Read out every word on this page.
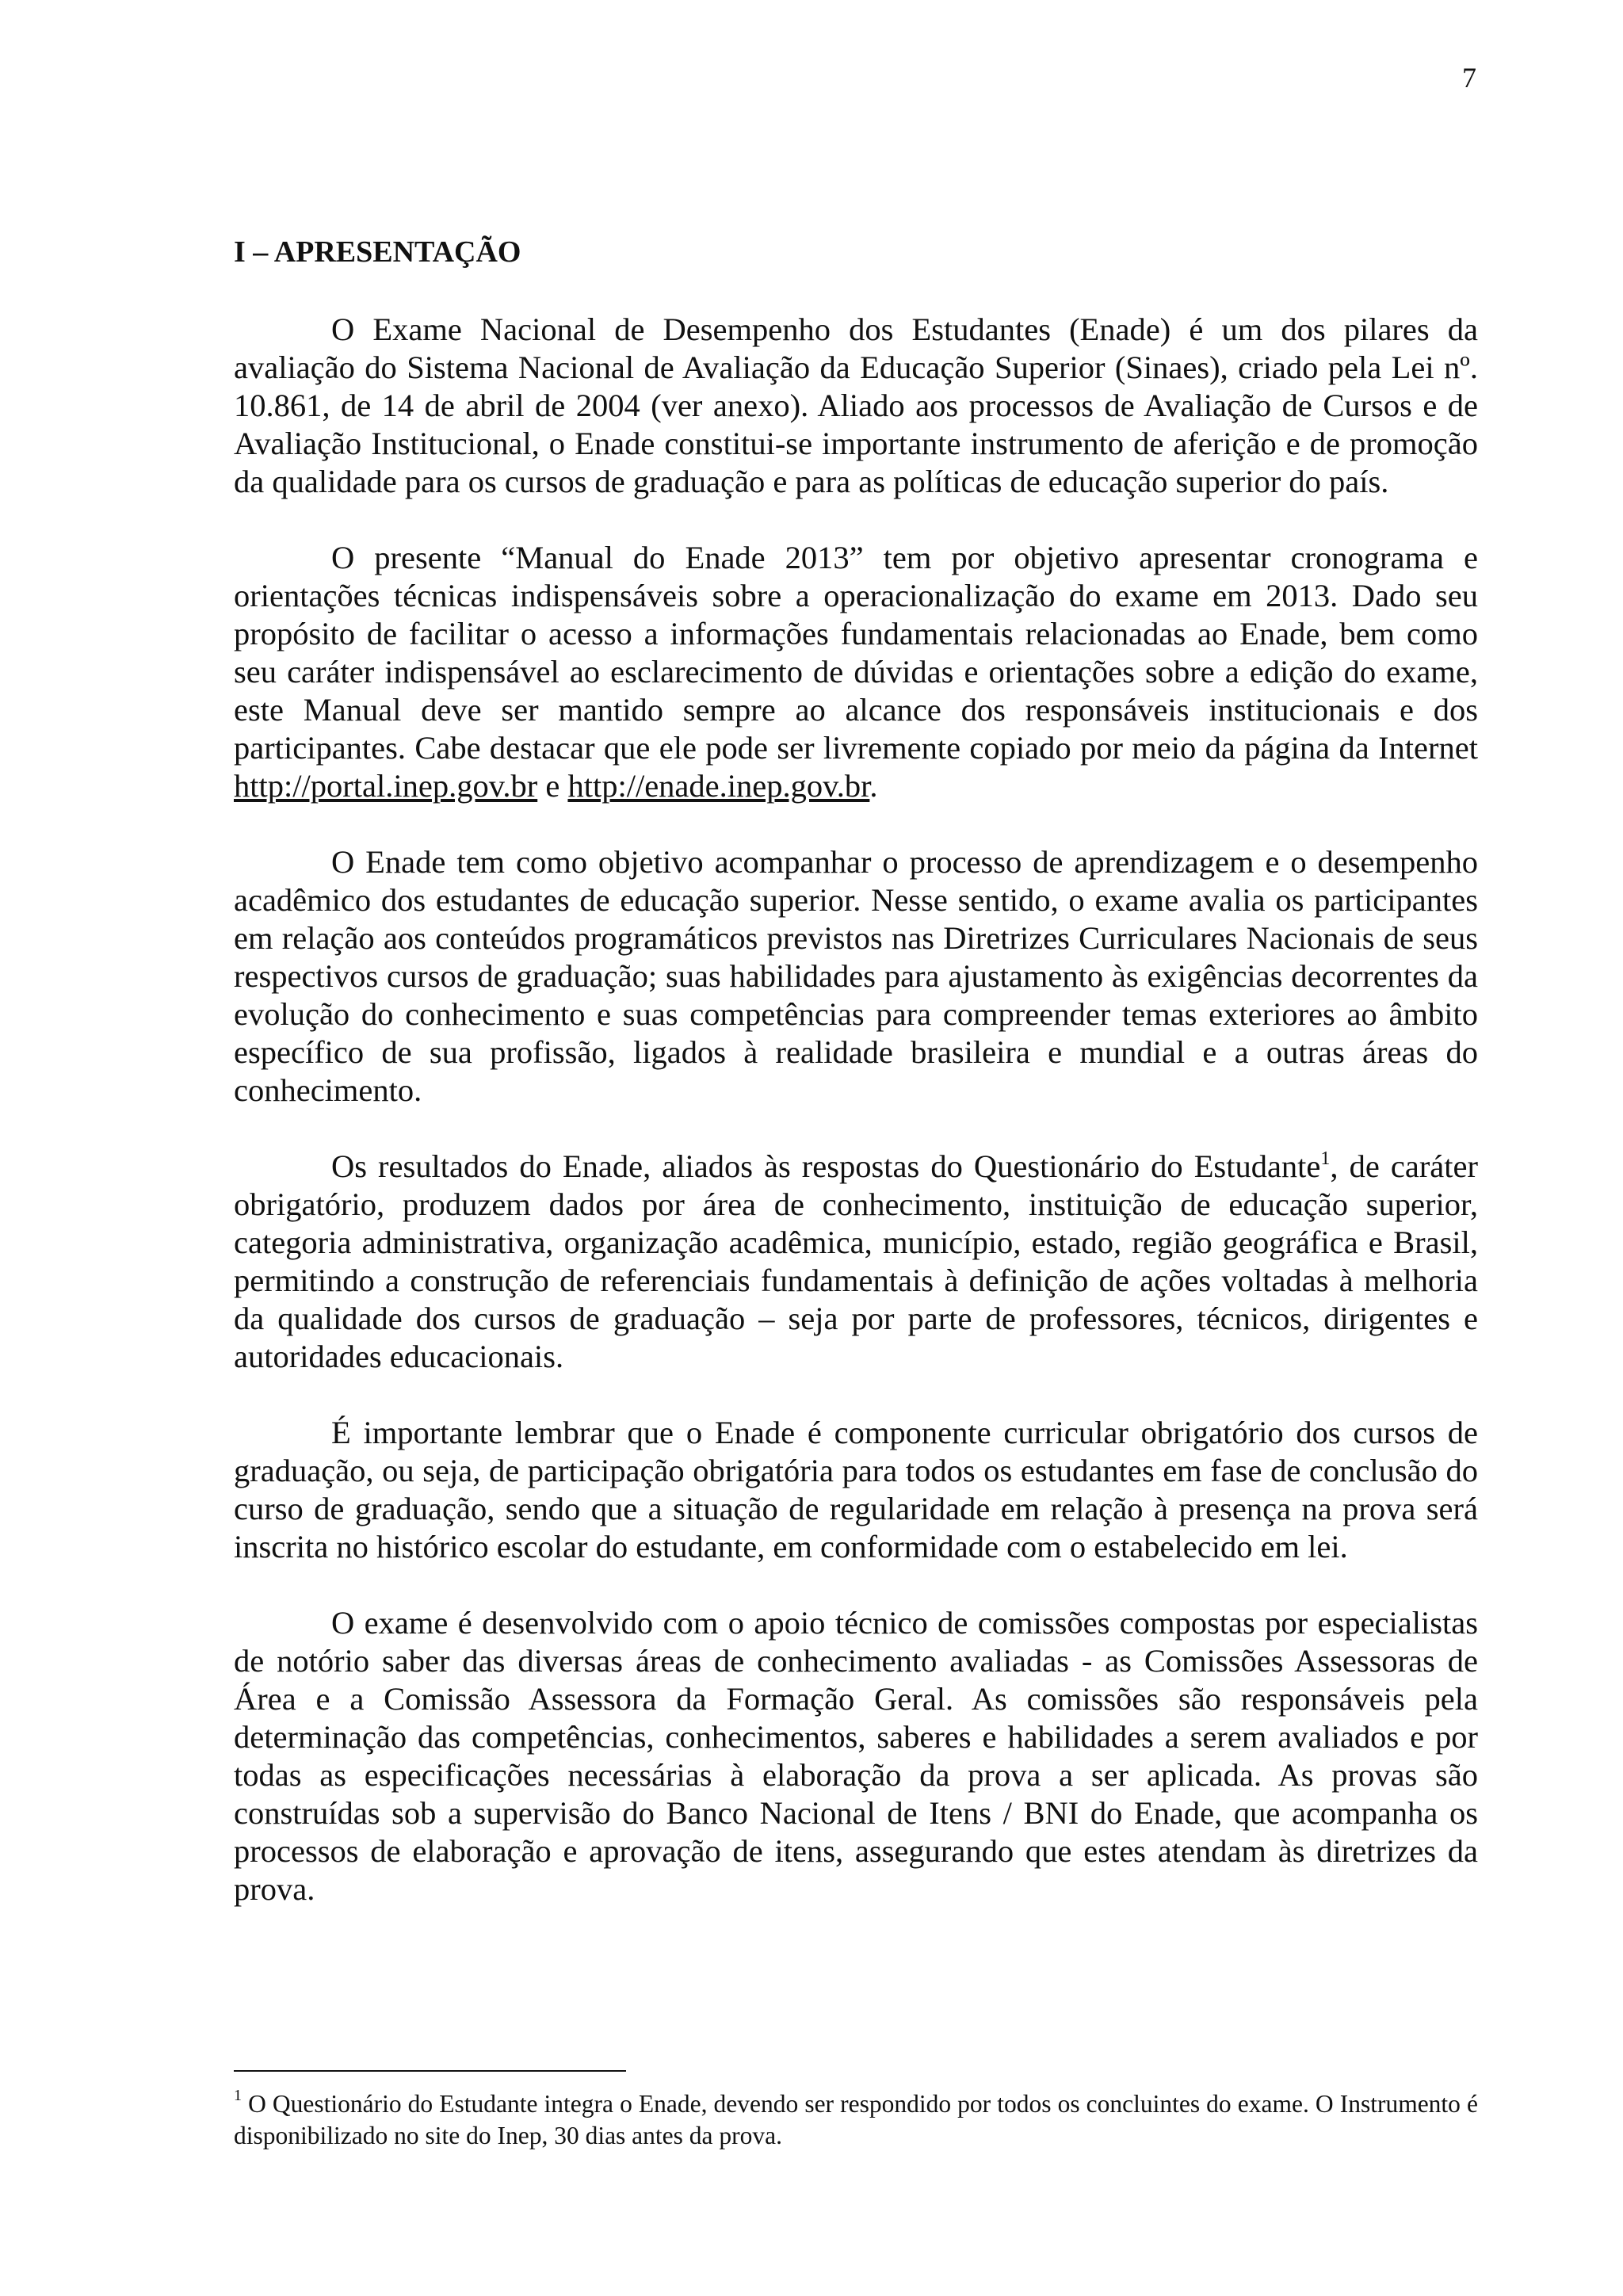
7
I – APRESENTAÇÃO

O Exame Nacional de Desempenho dos Estudantes (Enade) é um dos pilares da avaliação do Sistema Nacional de Avaliação da Educação Superior (Sinaes), criado pela Lei nº. 10.861, de 14 de abril de 2004 (ver anexo). Aliado aos processos de Avaliação de Cursos e de Avaliação Institucional, o Enade constitui-se importante instrumento de aferição e de promoção da qualidade para os cursos de graduação e para as políticas de educação superior do país.

O presente “Manual do Enade 2013” tem por objetivo apresentar cronograma e orientações técnicas indispensáveis sobre a operacionalização do exame em 2013. Dado seu propósito de facilitar o acesso a informações fundamentais relacionadas ao Enade, bem como seu caráter indispensável ao esclarecimento de dúvidas e orientações sobre a edição do exame, este Manual deve ser mantido sempre ao alcance dos responsáveis institucionais e dos participantes. Cabe destacar que ele pode ser livremente copiado por meio da página da Internet http://portal.inep.gov.br e http://enade.inep.gov.br.

O Enade tem como objetivo acompanhar o processo de aprendizagem e o desempenho acadêmico dos estudantes de educação superior. Nesse sentido, o exame avalia os participantes em relação aos conteúdos programáticos previstos nas Diretrizes Curriculares Nacionais de seus respectivos cursos de graduação; suas habilidades para ajustamento às exigências decorrentes da evolução do conhecimento e suas competências para compreender temas exteriores ao âmbito específico de sua profissão, ligados à realidade brasileira e mundial e a outras áreas do conhecimento.

Os resultados do Enade, aliados às respostas do Questionário do Estudante$^1$, de caráter obrigatório, produzem dados por área de conhecimento, instituição de educação superior, categoria administrativa, organização acadêmica, município, estado, região geográfica e Brasil, permitindo a construção de referenciais fundamentais à definição de ações voltadas à melhoria da qualidade dos cursos de graduação – seja por parte de professores, técnicos, dirigentes e autoridades educacionais.

É importante lembrar que o Enade é componente curricular obrigatório dos cursos de graduação, ou seja, de participação obrigatória para todos os estudantes em fase de conclusão do curso de graduação, sendo que a situação de regularidade em relação à presença na prova será inscrita no histórico escolar do estudante, em conformidade com o estabelecido em lei.

O exame é desenvolvido com o apoio técnico de comissões compostas por especialistas de notório saber das diversas áreas de conhecimento avaliadas - as Comissões Assessoras de Área e a Comissão Assessora da Formação Geral. As comissões são responsáveis pela determinação das competências, conhecimentos, saberes e habilidades a serem avaliados e por todas as especificações necessárias à elaboração da prova a ser aplicada. As provas são construídas sob a supervisão do Banco Nacional de Itens / BNI do Enade, que acompanha os processos de elaboração e aprovação de itens, assegurando que estes atendam às diretrizes da prova.

$^1$ O Questionário do Estudante integra o Enade, devendo ser respondido por todos os concluintes do exame. O Instrumento é disponibilizado no site do Inep, 30 dias antes da prova.
